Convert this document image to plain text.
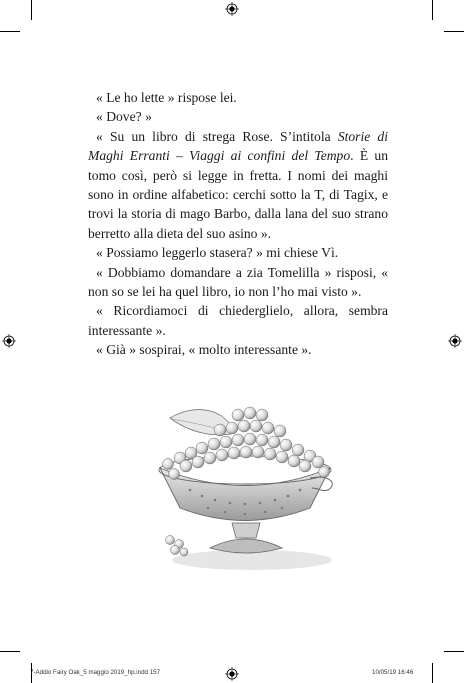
« Le ho lette » rispose lei.

« Dove? »

« Su un libro di strega Rose. S’intitola Storie di Maghi Erranti – Viaggi ai confini del Tempo. È un tomo così, però si legge in fretta. I nomi dei maghi sono in ordine alfabetico: cerchi sotto la T, di Tagix, e trovi la storia di mago Barbo, dalla lana del suo strano berretto alla dieta del suo asino ».

« Possiamo leggerlo stasera? » mi chiese Vì.

« Dobbiamo domandare a zia Tomelilla » risposi, « non so se lei ha quel libro, io non l’ho mai visto ».

« Ricordiamoci di chiederglielo, allora, sembra interessante ».

« Già » sospirai, « molto interessante ».

7-Addio Fairy Oak_5 maggio 2019_hp.indd 157	10/05/19 16:46
